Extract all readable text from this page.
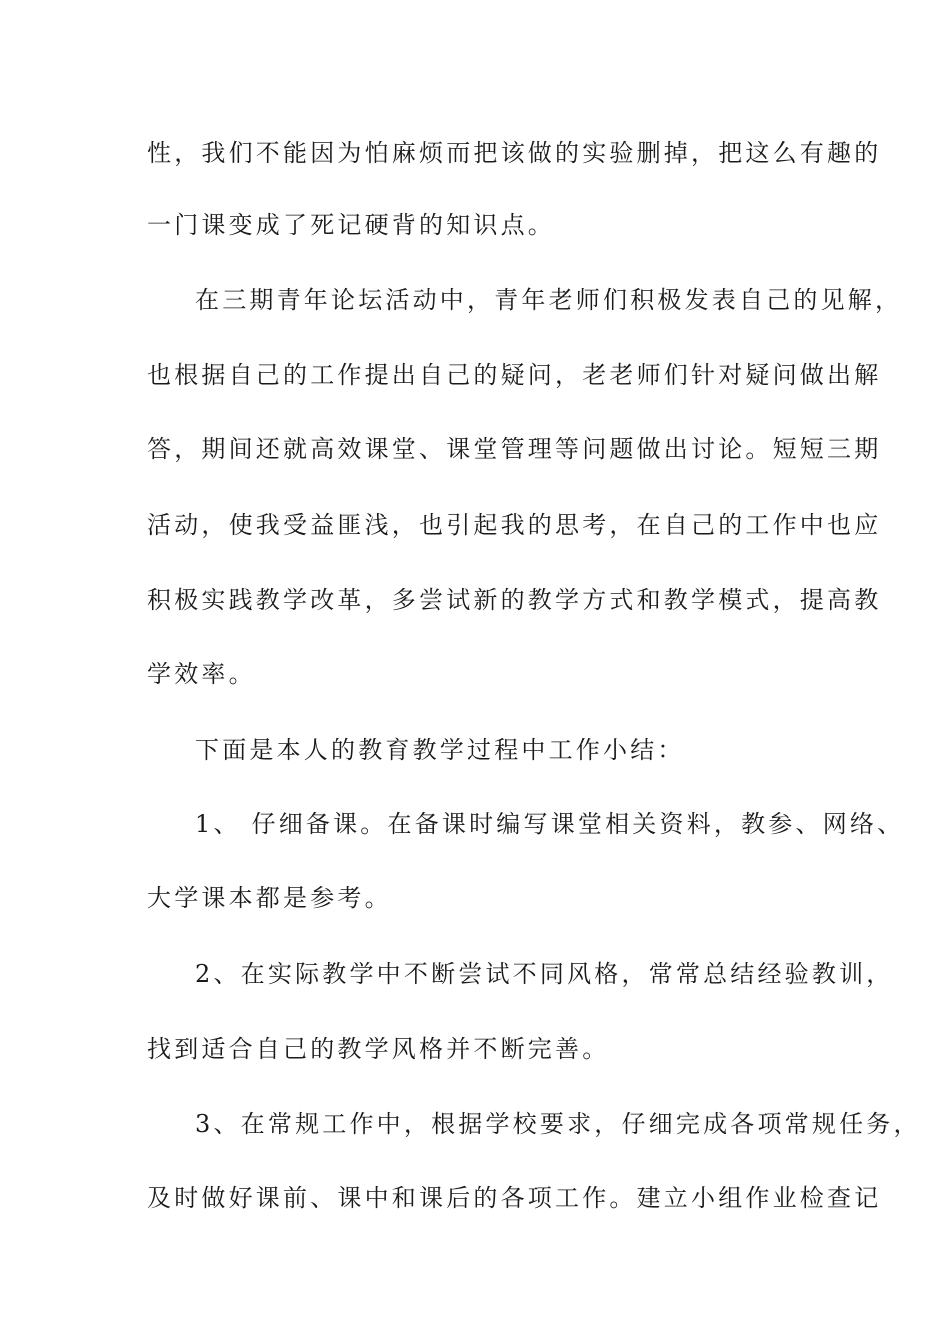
性，我们不能因为怕麻烦而把该做的实验删掉，把这么有趣的
一门课变成了死记硬背的知识点。
在三期青年论坛活动中，青年老师们积极发表自己的见解，
也根据自己的工作提出自己的疑问，老老师们针对疑问做出解
答，期间还就高效课堂、课堂管理等问题做出讨论。短短三期
活动，使我受益匪浅，也引起我的思考，在自己的工作中也应
积极实践教学改革，多尝试新的教学方式和教学模式，提高教
学效率。
下面是本人的教育教学过程中工作小结：
1、 仔细备课。在备课时编写课堂相关资料，教参、网络、
大学课本都是参考。
2、在实际教学中不断尝试不同风格，常常总结经验教训，
找到适合自己的教学风格并不断完善。
3、在常规工作中，根据学校要求，仔细完成各项常规任务，
及时做好课前、课中和课后的各项工作。建立小组作业检查记
